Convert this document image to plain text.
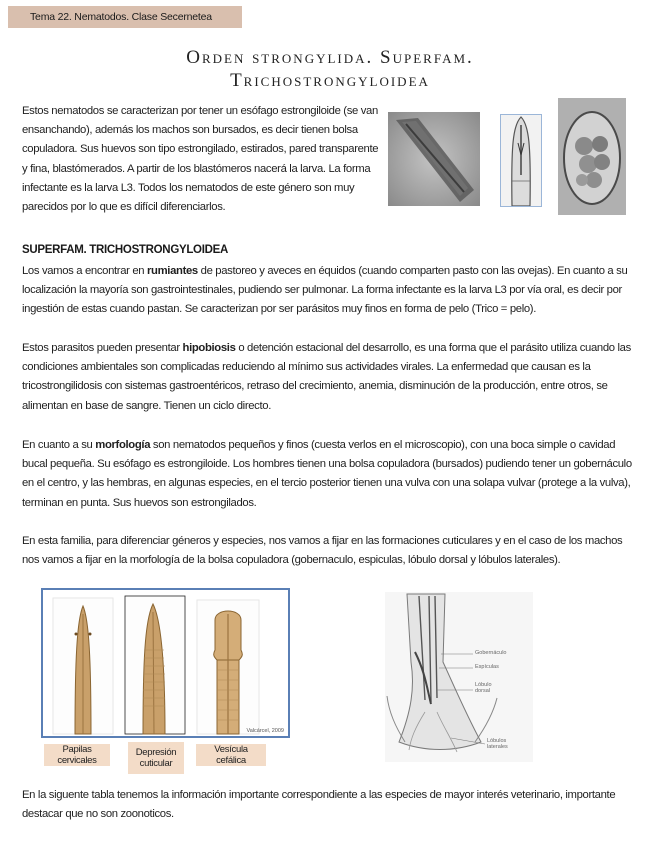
Tema 22. Nematodos. Clase Secernetea
Orden strongylida. Superfam.
Trichostrongyloidea

Estos nematodos se caracterizan por tener un esófago estrongiloide (se van ensanchando), además los machos son bursados, es decir tienen bolsa copuladora. Sus huevos son tipo estrongilado, estirados, pared transparente y fina, blastómerados. A partir de los blastómeros nacerá la larva. La forma infectante es la larva L3. Todos los nematodos de este género son muy parecidos por lo que es difícil diferenciarlos.

SUPERFAM. TRICHOSTRONGYLOIDEA

Los vamos a encontrar en rumiantes de pastoreo y aveces en équidos (cuando comparten pasto con las ovejas). En cuanto a su localización la mayoría son gastrointestinales, pudiendo ser pulmonar. La forma infectante es la larva L3 por vía oral, es decir por ingestión de estas cuando pastan. Se caracterizan por ser parásitos muy finos en forma de pelo (Trico = pelo).

Estos parasitos pueden presentar hipobiosis o detención estacional del desarrollo, es una forma que el parásito utiliza cuando las condiciones ambientales son complicadas reduciendo al mínimo sus actividades virales. La enfermedad que causan es la tricostrongilidosis con sistemas gastroentéricos, retraso del crecimiento, anemia, disminución de la producción, entre otros, se alimentan en base de sangre. Tienen un ciclo directo.

En cuanto a su morfología son nematodos pequeños y finos (cuesta verlos en el microscopio), con una boca simple o cavidad bucal pequeña. Su esófago es estrongiloide. Los hombres tienen una bolsa copuladora (bursados) pudiendo tener un gobernáculo en el centro, y las hembras, en algunas especies, en el tercio posterior tienen una vulva con una solapa vulvar (protege a la vulva), terminan en punta. Sus huevos son estrongilados.

En esta familia, para diferenciar géneros y especies, nos vamos a fijar en las formaciones cuticulares y en el caso de los machos nos vamos a fijar en la morfología de la bolsa copuladora (gobernaculo, espiculas, lóbulo dorsal y lóbulos laterales).

Valcárcel, 2009
Papilas cervicales
Depresión cuticular
Vesícula cefálica
Gobernáculo
Espículas
Lóbulo dorsal
Lóbulos laterales

En la siguente tabla tenemos la información importante correspondiente a las especies de mayor interés veterinario, importante destacar que no son zoonoticos.
